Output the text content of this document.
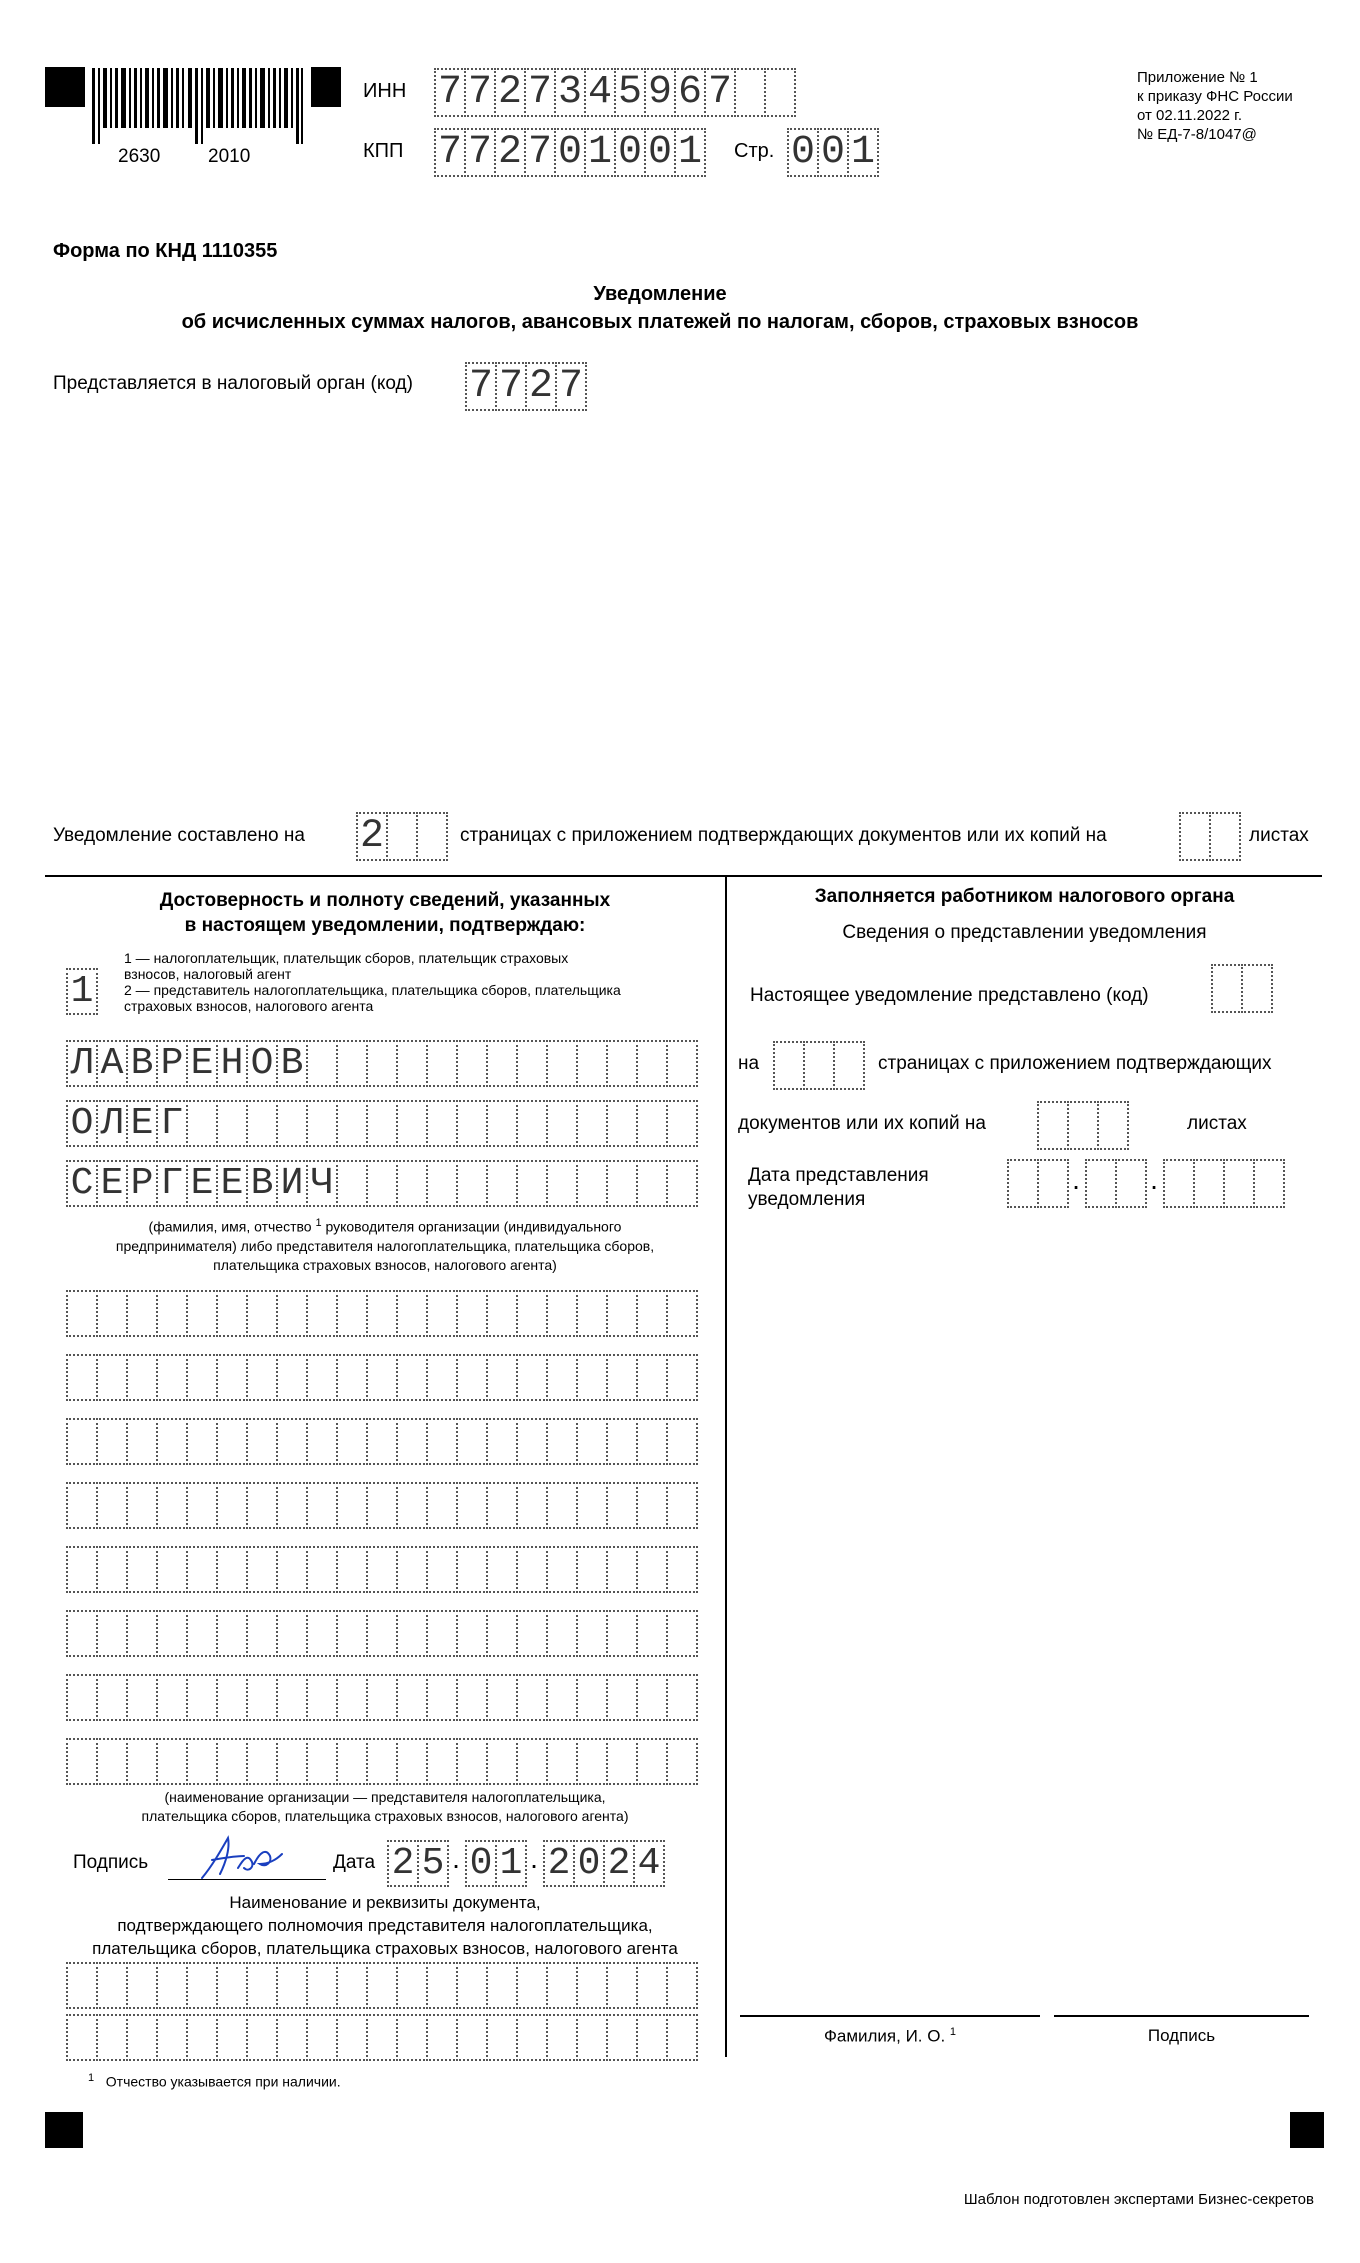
2630	2010
ИНН 7 7 2 7 3 4 5 9 6 7
КПП 7 7 2 7 0 1 0 0 1 Стр. 0 0 1
Приложение № 1
к приказу ФНС России
от 02.11.2022 г.
№ ЕД-7-8/1047@
Форма по КНД 1110355
Уведомление
об исчисленных суммах налогов, авансовых платежей по налогам, сборов, страховых взносов
Представляется в налоговый орган (код) 7 7 2 7
Уведомление составлено на 2	страницах с приложением подтверждающих документов или их копий на	листах
Достоверность и полноту сведений, указанных
в настоящем уведомлении, подтверждаю:
1
1 — налогоплательщик, плательщик сборов, плательщик страховых
взносов, налоговый агент
2 — представитель налогоплательщика, плательщика сборов, плательщика
страховых взносов, налогового агента
Л А В Р Е Н О В
О Л Е Г
С Е Р Г Е Е В И Ч
(фамилия, имя, отчество $^1$ руководителя организации (индивидуального
предпринимателя) либо представителя налогоплательщика, плательщика сборов,
плательщика страховых взносов, налогового агента)
(наименование организации — представителя налогоплательщика,
плательщика сборов, плательщика страховых взносов, налогового агента)
Подпись	Дата 2 5 · 0 1 · 2 0 2 4
Наименование и реквизиты документа,
подтверждающего полномочия представителя налогоплательщика,
плательщика сборов, плательщика страховых взносов, налогового агента
Заполняется работником налогового органа
Сведения о представлении уведомления
Настоящее уведомление представлено (код)
на	страницах с приложением подтверждающих
документов или их копий на	листах
Дата представления
уведомления	· ·
Фамилия, И. О. $^1$	Подпись
$^1$ Отчество указывается при наличии.
Шаблон подготовлен экспертами Бизнес-секретов
